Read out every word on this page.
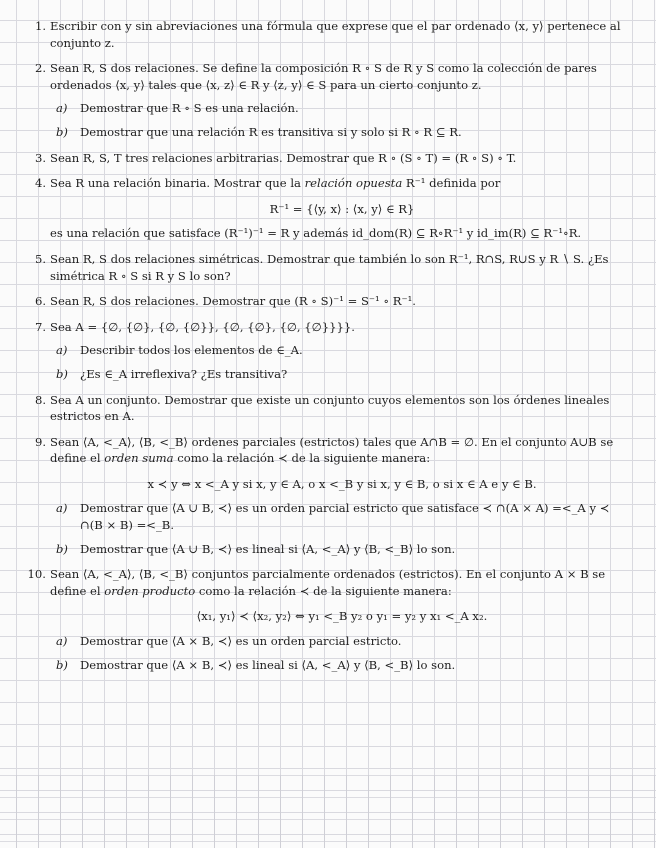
1. Escribir con y sin abreviaciones una fórmula que exprese que el par ordenado ⟨x, y⟩ pertenece al conjunto z.
2. Sean R, S dos relaciones. Se define la composición R ∘ S de R y S como la colección de pares ordenados ⟨x, y⟩ tales que ⟨x, z⟩ ∈ R y ⟨z, y⟩ ∈ S para un cierto conjunto z.
a) Demostrar que R ∘ S es una relación.
b) Demostrar que una relación R es transitiva si y solo si R ∘ R ⊆ R.
3. Sean R, S, T tres relaciones arbitrarias. Demostrar que R ∘ (S ∘ T) = (R ∘ S) ∘ T.
4. Sea R una relación binaria. Mostrar que la relación opuesta R⁻¹ definida por
R⁻¹ = {⟨y, x⟩ : ⟨x, y⟩ ∈ R}
es una relación que satisface (R⁻¹)⁻¹ = R y además id_dom(R) ⊆ R∘R⁻¹ y id_im(R) ⊆ R⁻¹∘R.
5. Sean R, S dos relaciones simétricas. Demostrar que también lo son R⁻¹, R∩S, R∪S y R ∖ S. ¿Es simétrica R ∘ S si R y S lo son?
6. Sean R, S dos relaciones. Demostrar que (R ∘ S)⁻¹ = S⁻¹ ∘ R⁻¹.
7. Sea A = {∅, {∅}, {∅, {∅}}, {∅, {∅}, {∅, {∅}}}}.
a) Describir todos los elementos de ∈_A.
b) ¿Es ∈_A irreflexiva? ¿Es transitiva?
8. Sea A un conjunto. Demostrar que existe un conjunto cuyos elementos son los órdenes lineales estrictos en A.
9. Sean ⟨A, <_A⟩, ⟨B, <_B⟩ ordenes parciales (estrictos) tales que A∩B = ∅. En el conjunto A∪B se define el orden suma como la relación ≺ de la siguiente manera:
x ≺ y ⇔ x <_A y si x, y ∈ A, o x <_B y si x, y ∈ B, o si x ∈ A e y ∈ B.
a) Demostrar que ⟨A ∪ B, ≺⟩ es un orden parcial estricto que satisface ≺ ∩(A × A) =<_A y ≺ ∩(B × B) =<_B.
b) Demostrar que ⟨A ∪ B, ≺⟩ es lineal si ⟨A, <_A⟩ y ⟨B, <_B⟩ lo son.
10. Sean ⟨A, <_A⟩, ⟨B, <_B⟩ conjuntos parcialmente ordenados (estrictos). En el conjunto A × B se define el orden producto como la relación ≺ de la siguiente manera:
⟨x₁, y₁⟩ ≺ ⟨x₂, y₂⟩ ⇔ y₁ <_B y₂ o y₁ = y₂ y x₁ <_A x₂.
a) Demostrar que ⟨A × B, ≺⟩ es un orden parcial estricto.
b) Demostrar que ⟨A × B, ≺⟩ es lineal si ⟨A, <_A⟩ y ⟨B, <_B⟩ lo son.
